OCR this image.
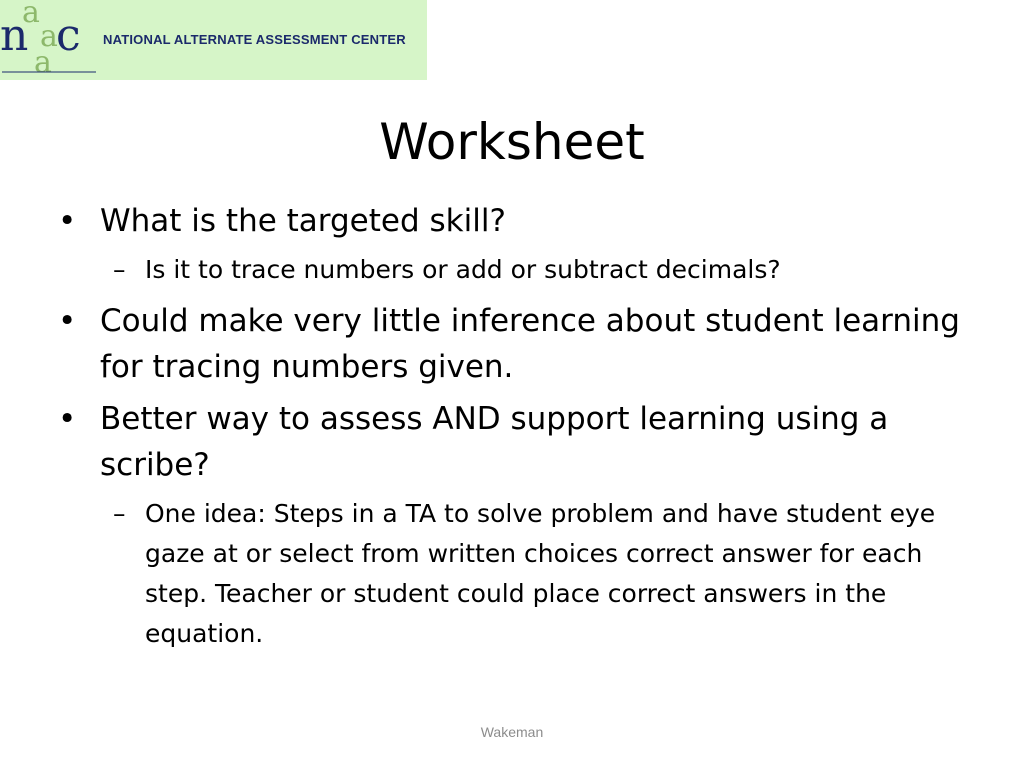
n
a
a
c
a
NATIONAL ALTERNATE ASSESSMENT CENTER
Worksheet
• What is the targeted skill?
– Is it to trace numbers or add or subtract decimals?
• Could make very little inference about student learning for tracing numbers given.
• Better way to assess AND support learning using a scribe?
– One idea: Steps in a TA to solve problem and have student eye gaze at or select from written choices correct answer for each step. Teacher or student could place correct answers in the equation.
Wakeman
